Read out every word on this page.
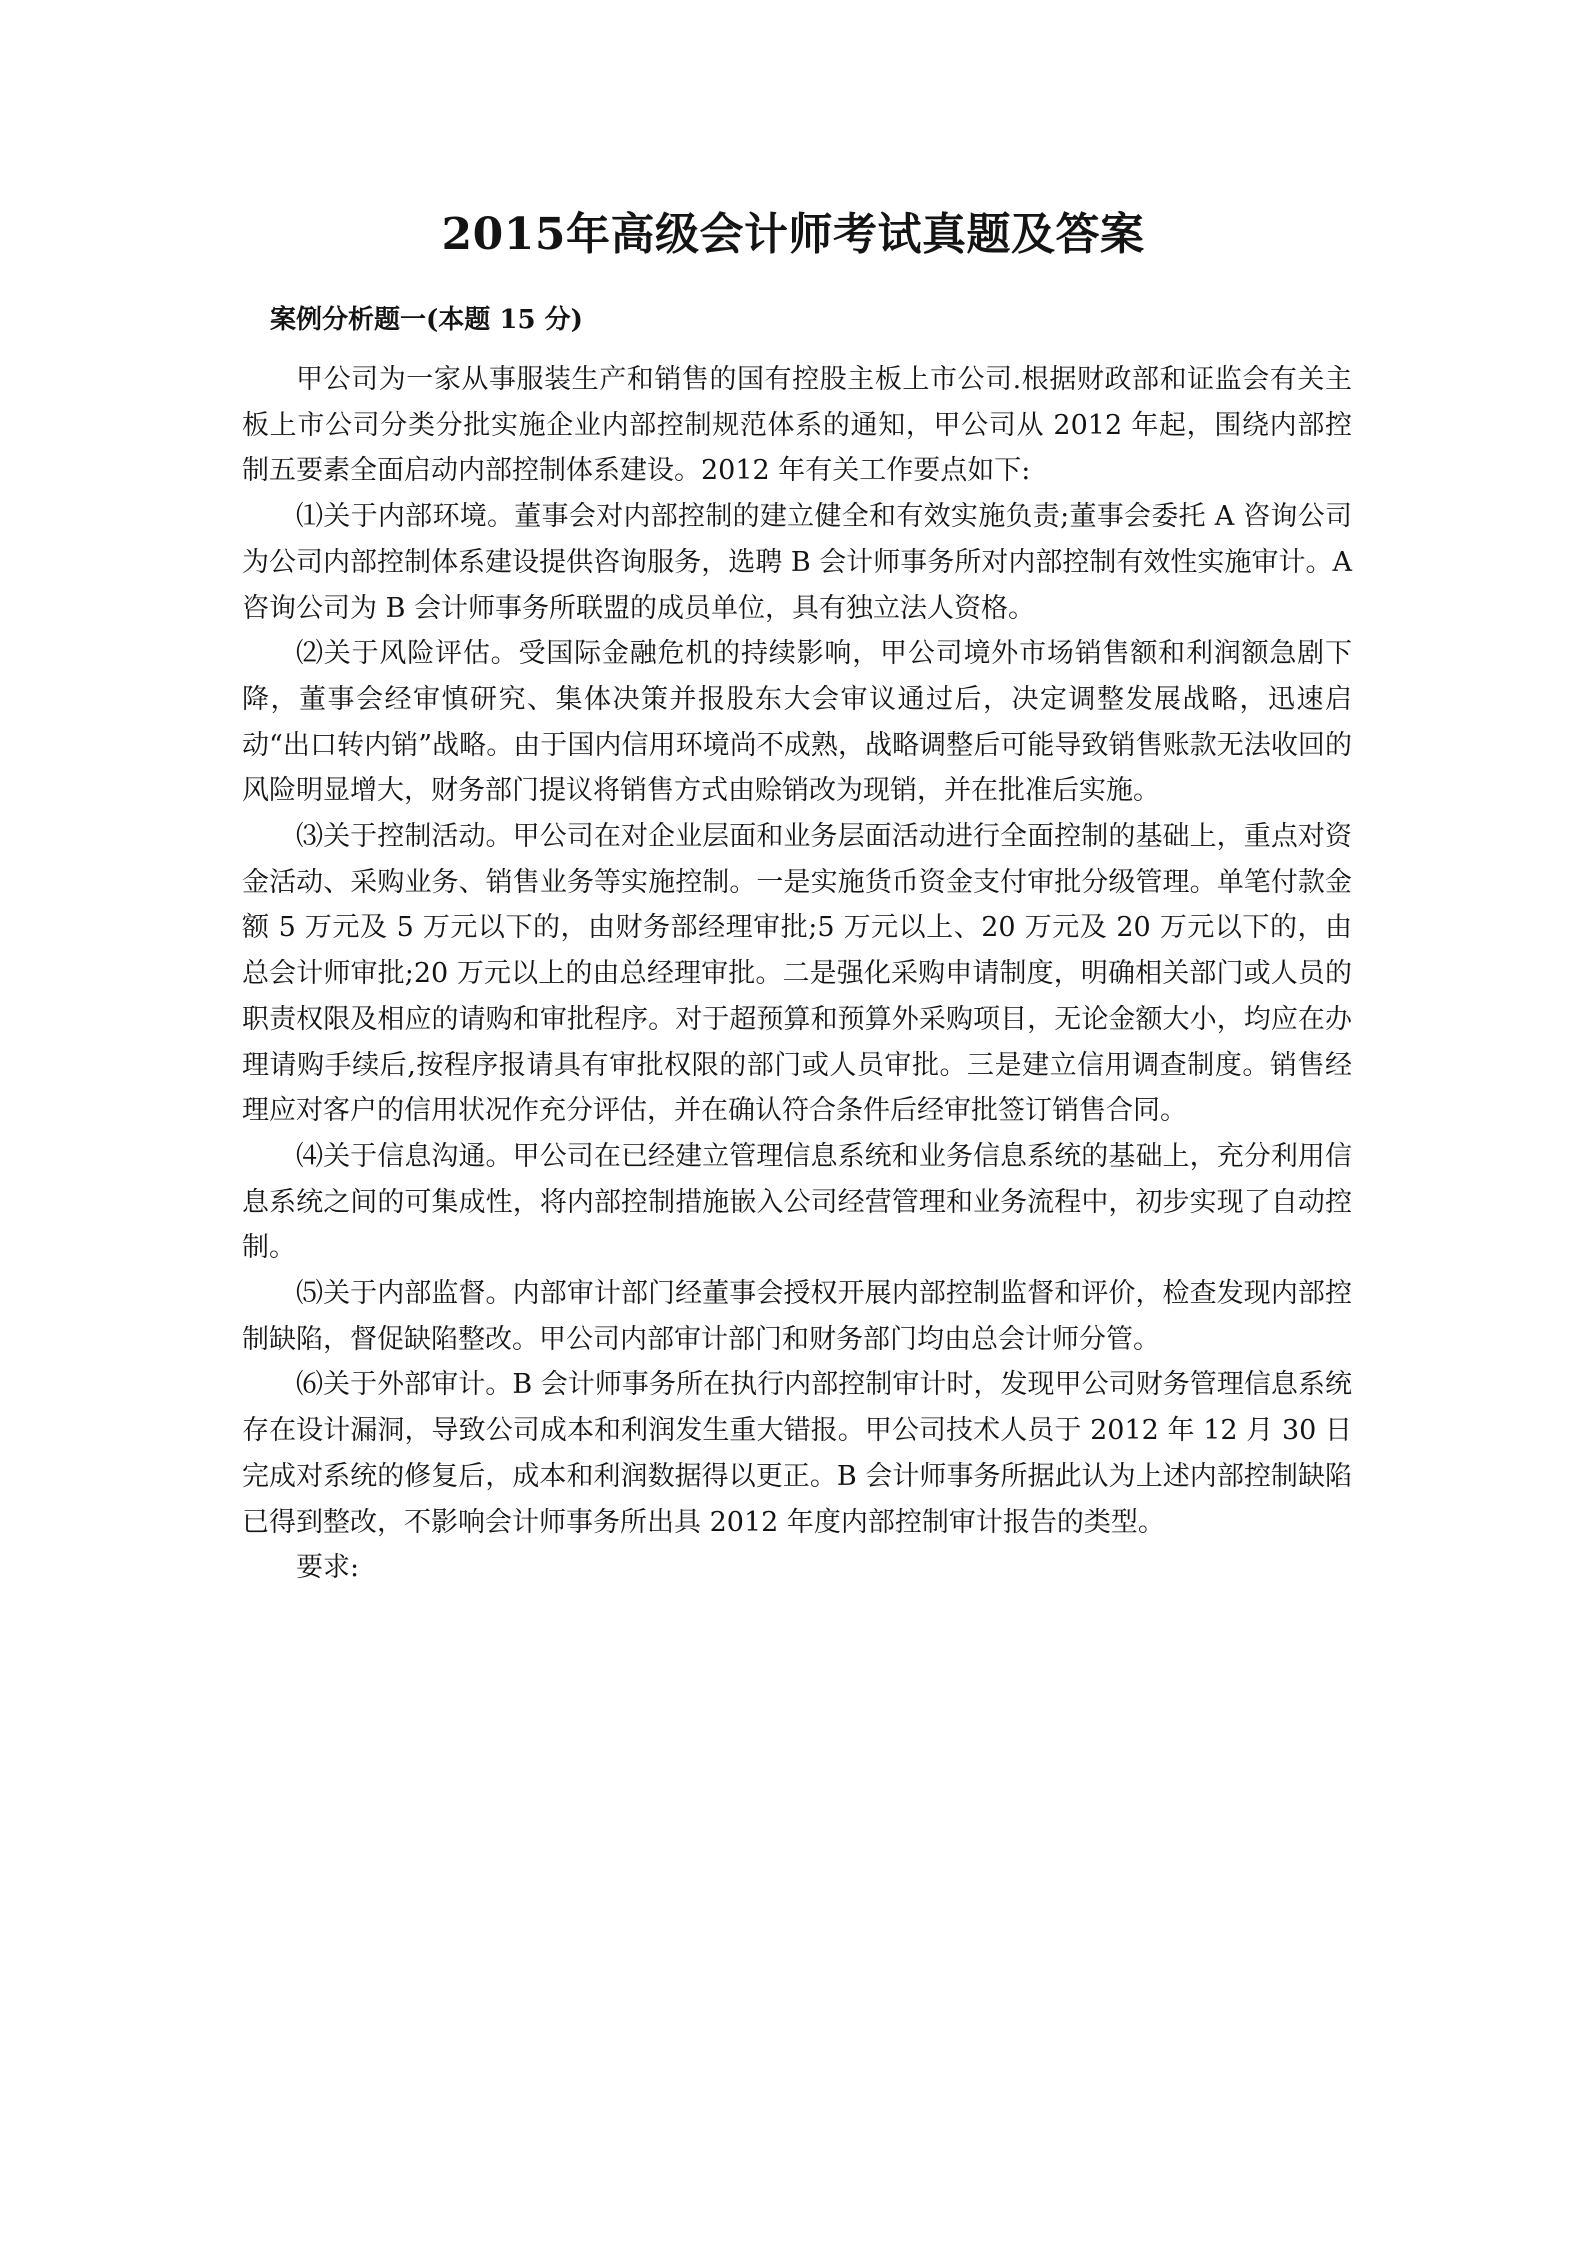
2015年高级会计师考试真题及答案
案例分析题一(本题 15 分)

甲公司为一家从事服装生产和销售的国有控股主板上市公司.根据财政部和证监会有关主板上市公司分类分批实施企业内部控制规范体系的通知，甲公司从 2012 年起，围绕内部控制五要素全面启动内部控制体系建设。2012 年有关工作要点如下:

⑴关于内部环境。董事会对内部控制的建立健全和有效实施负责;董事会委托 A 咨询公司为公司内部控制体系建设提供咨询服务，选聘 B 会计师事务所对内部控制有效性实施审计。A 咨询公司为 B 会计师事务所联盟的成员单位，具有独立法人资格。

⑵关于风险评估。受国际金融危机的持续影响，甲公司境外市场销售额和利润额急剧下降，董事会经审慎研究、集体决策并报股东大会审议通过后，决定调整发展战略，迅速启动“出口转内销”战略。由于国内信用环境尚不成熟，战略调整后可能导致销售账款无法收回的风险明显增大，财务部门提议将销售方式由赊销改为现销，并在批准后实施。

⑶关于控制活动。甲公司在对企业层面和业务层面活动进行全面控制的基础上，重点对资金活动、采购业务、销售业务等实施控制。一是实施货币资金支付审批分级管理。单笔付款金额 5 万元及 5 万元以下的，由财务部经理审批;5 万元以上、20 万元及 20 万元以下的，由总会计师审批;20 万元以上的由总经理审批。二是强化采购申请制度，明确相关部门或人员的职责权限及相应的请购和审批程序。对于超预算和预算外采购项目，无论金额大小，均应在办理请购手续后,按程序报请具有审批权限的部门或人员审批。三是建立信用调查制度。销售经理应对客户的信用状况作充分评估，并在确认符合条件后经审批签订销售合同。

⑷关于信息沟通。甲公司在已经建立管理信息系统和业务信息系统的基础上，充分利用信息系统之间的可集成性，将内部控制措施嵌入公司经营管理和业务流程中，初步实现了自动控制。

⑸关于内部监督。内部审计部门经董事会授权开展内部控制监督和评价，检查发现内部控制缺陷，督促缺陷整改。甲公司内部审计部门和财务部门均由总会计师分管。

⑹关于外部审计。B 会计师事务所在执行内部控制审计时，发现甲公司财务管理信息系统存在设计漏洞，导致公司成本和利润发生重大错报。甲公司技术人员于 2012 年 12 月 30 日完成对系统的修复后，成本和利润数据得以更正。B 会计师事务所据此认为上述内部控制缺陷已得到整改，不影响会计师事务所出具 2012 年度内部控制审计报告的类型。

要求:
